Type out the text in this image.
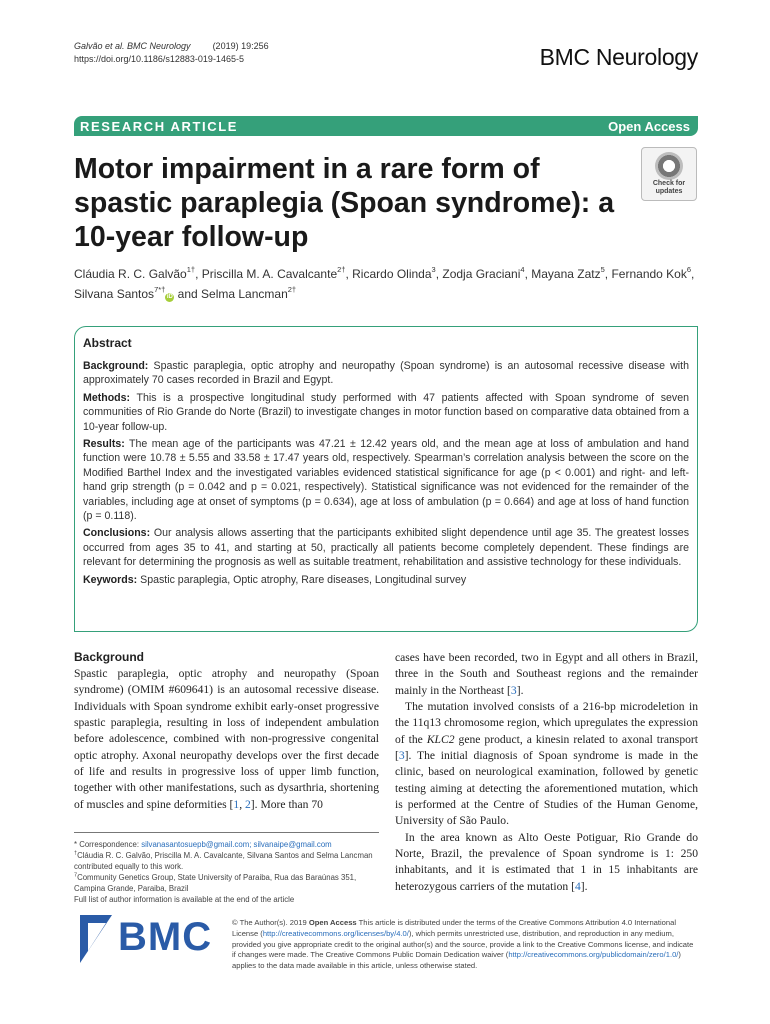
Galvão et al. BMC Neurology (2019) 19:256
https://doi.org/10.1186/s12883-019-1465-5	BMC Neurology
RESEARCH ARTICLE	Open Access
Motor impairment in a rare form of spastic paraplegia (Spoan syndrome): a 10-year follow-up
Check for
updates
Cláudia R. C. Galvão$^{1\dagger}$, Priscilla M. A. Cavalcante$^{2\dagger}$, Ricardo Olinda$^3$, Zodja Graciani$^4$, Mayana Zatz$^5$, Fernando Kok$^6$,
Silvana Santos$^{7*\dagger}$iD and Selma Lancman$^{2\dagger}$
Abstract

Background: Spastic paraplegia, optic atrophy and neuropathy (Spoan syndrome) is an autosomal recessive disease with approximately 70 cases recorded in Brazil and Egypt.

Methods: This is a prospective longitudinal study performed with 47 patients affected with Spoan syndrome of seven communities of Rio Grande do Norte (Brazil) to investigate changes in motor function based on comparative data obtained from a 10-year follow-up.

Results: The mean age of the participants was 47.21 ± 12.42 years old, and the mean age at loss of ambulation and hand function were 10.78 ± 5.55 and 33.58 ± 17.47 years old, respectively. Spearman’s correlation analysis between the score on the Modified Barthel Index and the investigated variables evidenced statistical significance for age (p < 0.001) and right- and left-hand grip strength (p = 0.042 and p = 0.021, respectively). Statistical significance was not evidenced for the remainder of the variables, including age at onset of symptoms (p = 0.634), age at loss of ambulation (p = 0.664) and age at loss of hand function (p = 0.118).

Conclusions: Our analysis allows asserting that the participants exhibited slight dependence until age 35. The greatest losses occurred from ages 35 to 41, and starting at 50, practically all patients become completely dependent. These findings are relevant for determining the prognosis as well as suitable treatment, rehabilitation and assistive technology for these individuals.

Keywords: Spastic paraplegia, Optic atrophy, Rare diseases, Longitudinal survey

Background

Spastic paraplegia, optic atrophy and neuropathy (Spoan syndrome) (OMIM #609641) is an autosomal recessive disease. Individuals with Spoan syndrome exhibit early-onset progressive spastic paraplegia, resulting in loss of independent ambulation before adolescence, combined with non-progressive congenital optic atrophy. Axonal neuropathy develops over the first decade of life and results in progressive loss of upper limb function, together with other manifestations, such as dysarthria, shortening of muscles and spine deformities [1, 2]. More than 70

cases have been recorded, two in Egypt and all others in Brazil, three in the South and Southeast regions and the remainder mainly in the Northeast [3].

The mutation involved consists of a 216-bp microdeletion in the 11q13 chromosome region, which upregulates the expression of the KLC2 gene product, a kinesin related to axonal transport [3]. The initial diagnosis of Spoan syndrome is made in the clinic, based on neurological examination, followed by genetic testing aiming at detecting the aforementioned mutation, which is performed at the Centre of Studies of the Human Genome, University of São Paulo.

In the area known as Alto Oeste Potiguar, Rio Grande do Norte, Brazil, the prevalence of Spoan syndrome is 1: 250 inhabitants, and it is estimated that 1 in 15 inhabitants are heterozygous carriers of the mutation [4].

* Correspondence: silvanasantosuepb@gmail.com; silvanaipe@gmail.com
†Cláudia R. C. Galvão, Priscilla M. A. Cavalcante, Silvana Santos and Selma Lancman contributed equally to this work.
$^7$Community Genetics Group, State University of Paraiba, Rua das Baraúnas 351, Campina Grande, Paraiba, Brazil
Full list of author information is available at the end of the article
BMC	© The Author(s). 2019 Open Access This article is distributed under the terms of the Creative Commons Attribution 4.0 International License (http://creativecommons.org/licenses/by/4.0/), which permits unrestricted use, distribution, and reproduction in any medium, provided you give appropriate credit to the original author(s) and the source, provide a link to the Creative Commons license, and indicate if changes were made. The Creative Commons Public Domain Dedication waiver (http://creativecommons.org/publicdomain/zero/1.0/) applies to the data made available in this article, unless otherwise stated.
